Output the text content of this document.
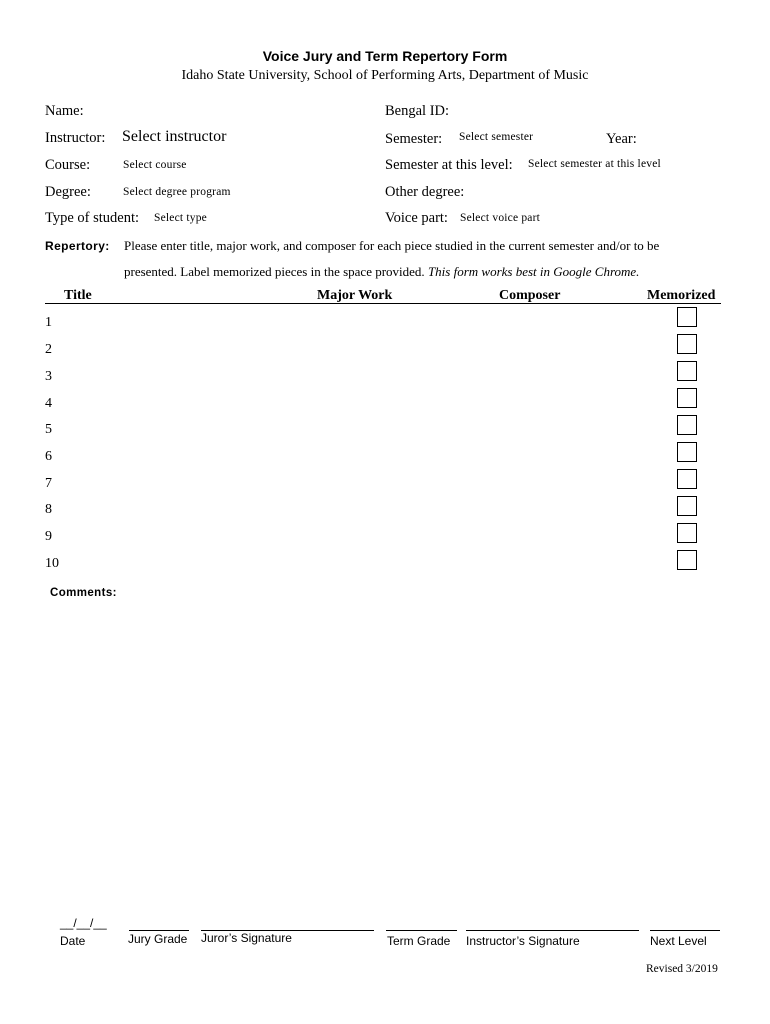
Voice Jury and Term Repertory Form
Idaho State University, School of Performing Arts, Department of Music
Name:
Instructor: Select instructor
Course:	Select course
Degree:	Select degree program
Type of student: Select type
Bengal ID:
Semester: Select semester	Year:
Semester at this level: Select semester at this level
Other degree:
Voice part: Select voice part
Repertory: Please enter title, major work, and composer for each piece studied in the current semester and/or to be
presented. Label memorized pieces in the space provided. This form works best in Google Chrome.
Title	Major Work	Composer	Memorized
1
2
3
4
5
6
7
8
9
10
Comments:
__/__/__
Date	Jury Grade Juror’s Signature	Term Grade Instructor’s Signature	Next Level
Revised 3/2019
